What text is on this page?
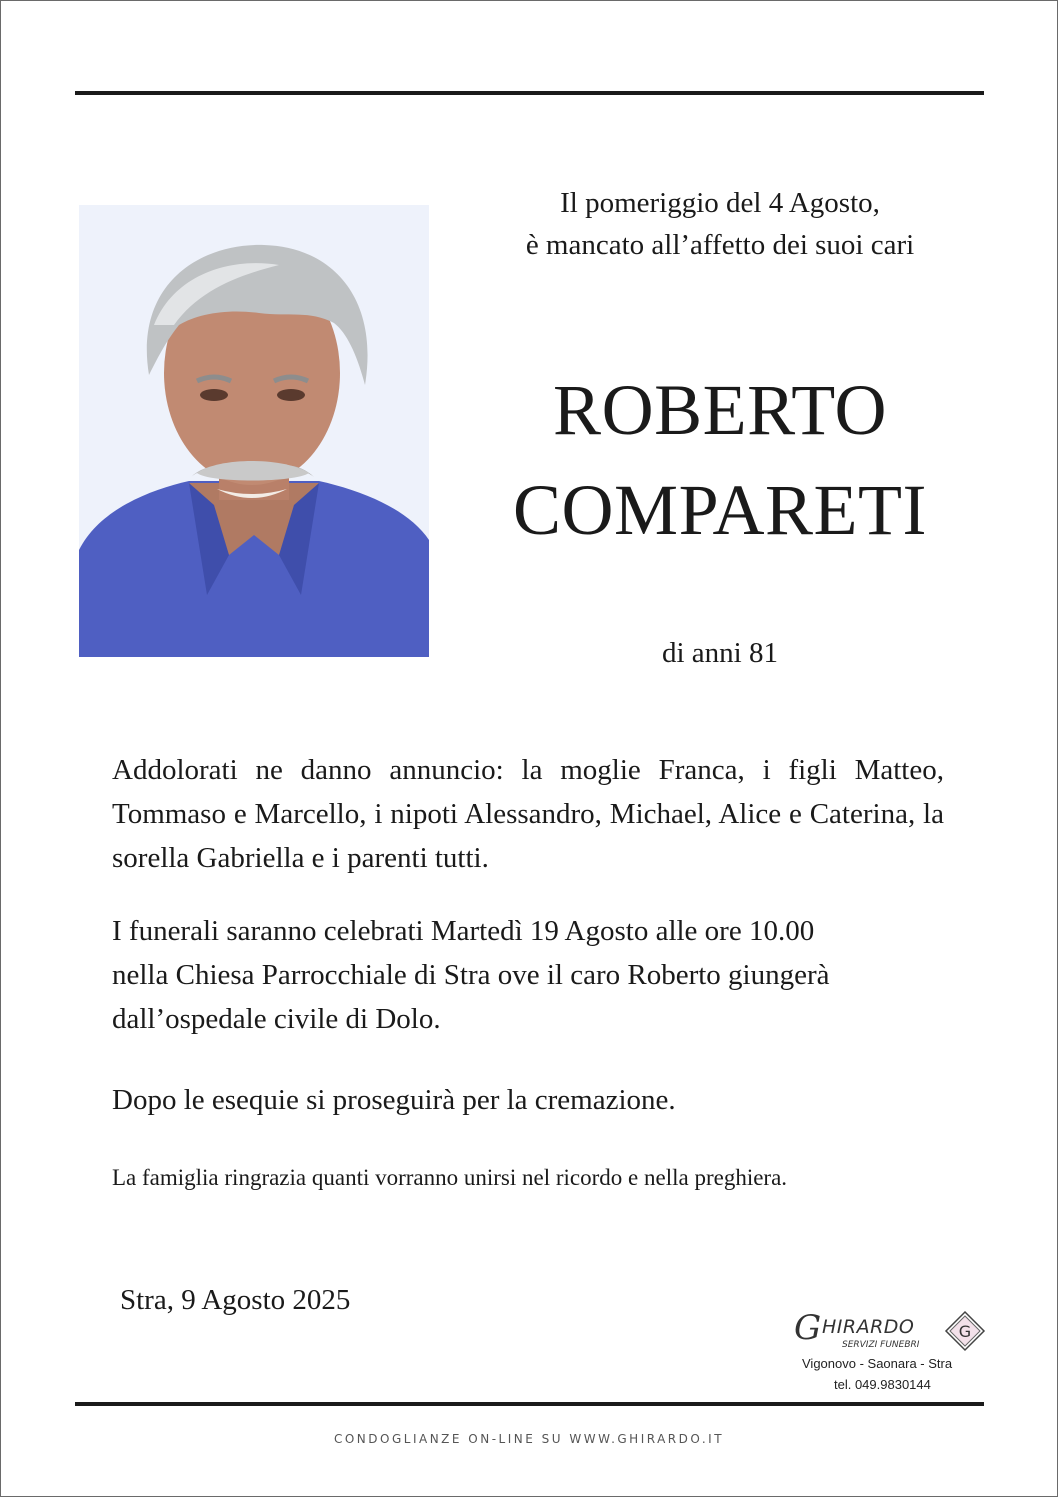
Il pomeriggio del 4 Agosto,
è mancato all’affetto dei suoi cari
ROBERTO
COMPARETI
di anni 81
Addolorati ne danno annuncio: la moglie Franca, i figli Matteo, Tommaso e Marcello, i nipoti Alessandro, Michael, Alice e Caterina, la sorella Gabriella e i parenti tutti.
I funerali saranno celebrati Martedì 19 Agosto alle ore 10.00
nella Chiesa Parrocchiale di Stra ove il caro Roberto giungerà
dall’ospedale civile di Dolo.
Dopo le esequie si proseguirà per la cremazione.
La famiglia ringrazia quanti vorranno unirsi nel ricordo e nella preghiera.
Stra, 9 Agosto 2025
G HIRARDO
SERVIZI FUNEBRI
G
Vigonovo - Saonara - Stra
tel. 049.9830144
CONDOGLIANZE ON-LINE SU WWW.GHIRARDO.IT
